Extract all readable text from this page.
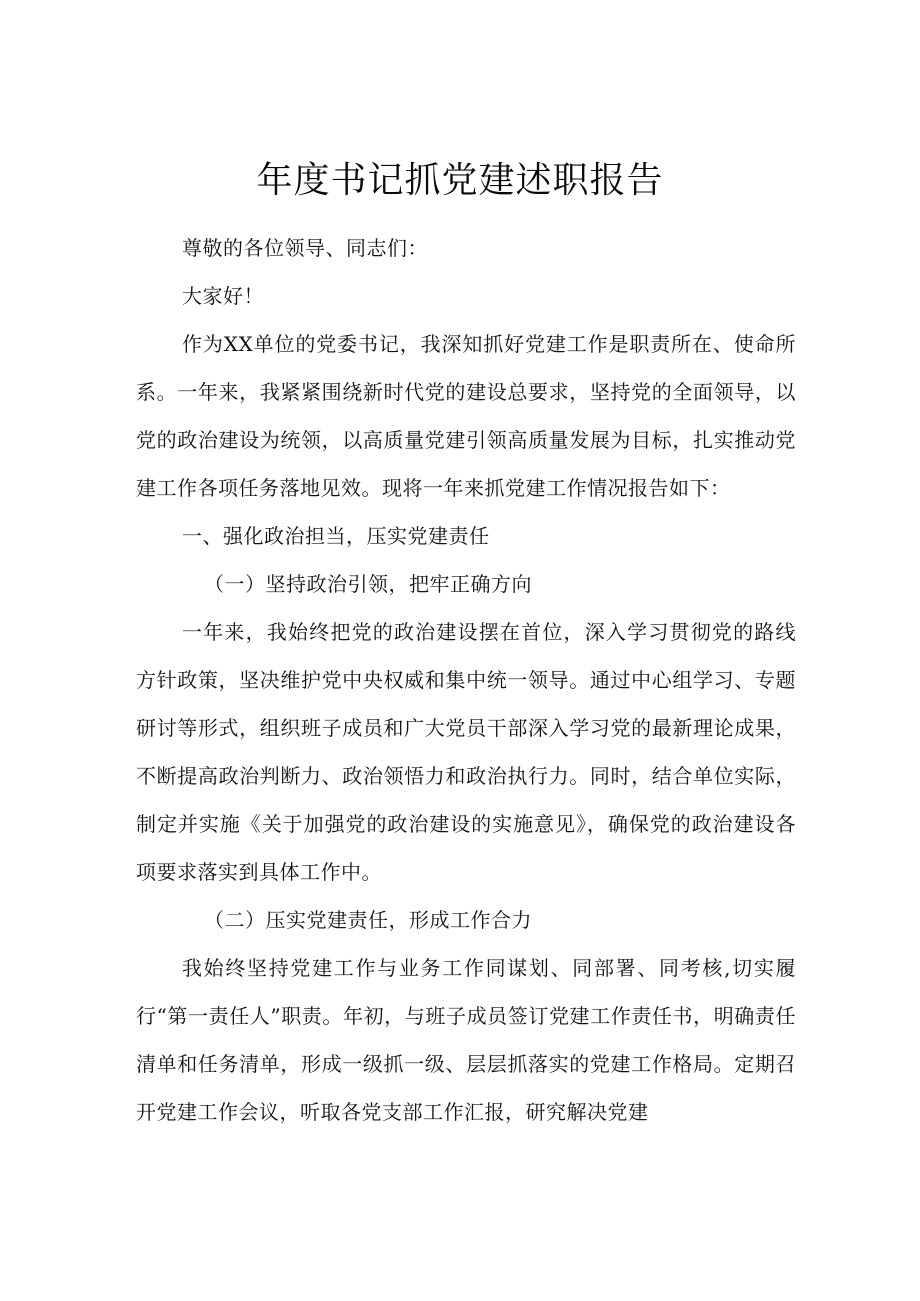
年度书记抓党建述职报告

尊敬的各位领导、同志们：

大家好！

作为XX单位的党委书记，我深知抓好党建工作是职责所在、使命所系。一年来，我紧紧围绕新时代党的建设总要求，坚持党的全面领导，以党的政治建设为统领，以高质量党建引领高质量发展为目标，扎实推动党建工作各项任务落地见效。现将一年来抓党建工作情况报告如下：

一、强化政治担当，压实党建责任

（一）坚持政治引领，把牢正确方向

一年来，我始终把党的政治建设摆在首位，深入学习贯彻党的路线方针政策，坚决维护党中央权威和集中统一领导。通过中心组学习、专题研讨等形式，组织班子成员和广大党员干部深入学习党的最新理论成果，不断提高政治判断力、政治领悟力和政治执行力。同时，结合单位实际，制定并实施《关于加强党的政治建设的实施意见》，确保党的政治建设各项要求落实到具体工作中。

（二）压实党建责任，形成工作合力

我始终坚持党建工作与业务工作同谋划、同部署、同考核,切实履行“第一责任人”职责。年初，与班子成员签订党建工作责任书，明确责任清单和任务清单，形成一级抓一级、层层抓落实的党建工作格局。定期召开党建工作会议，听取各党支部工作汇报，研究解决党建
